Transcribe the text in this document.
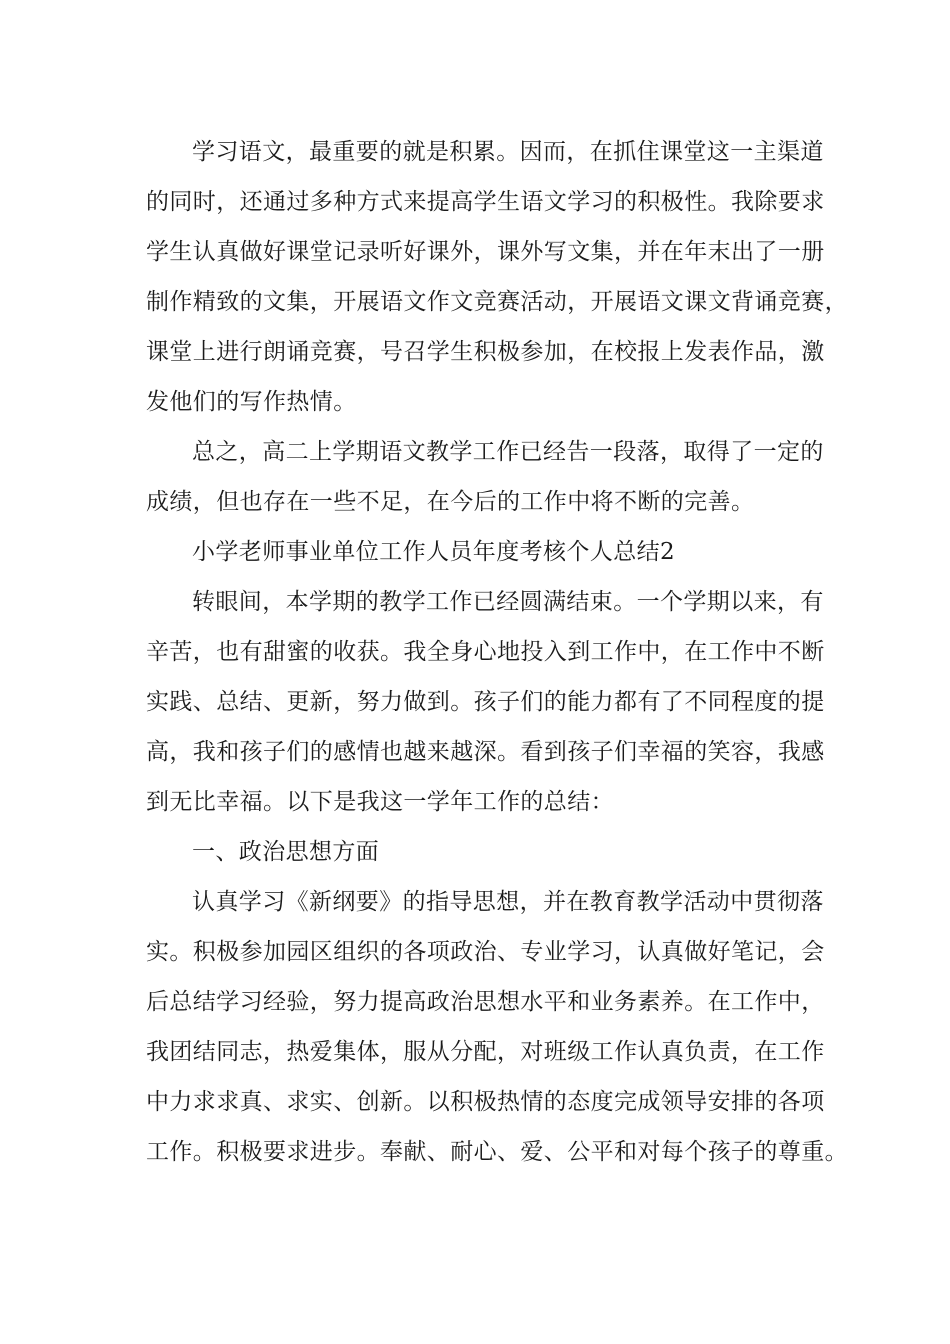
学习语文，最重要的就是积累。因而，在抓住课堂这一主渠道
的同时，还通过多种方式来提高学生语文学习的积极性。我除要求
学生认真做好课堂记录听好课外，课外写文集，并在年末出了一册
制作精致的文集，开展语文作文竞赛活动，开展语文课文背诵竞赛，
课堂上进行朗诵竞赛，号召学生积极参加，在校报上发表作品，激
发他们的写作热情。
总之，高二上学期语文教学工作已经告一段落，取得了一定的
成绩，但也存在一些不足，在今后的工作中将不断的完善。
小学老师事业单位工作人员年度考核个人总结2
转眼间，本学期的教学工作已经圆满结束。一个学期以来，有
辛苦，也有甜蜜的收获。我全身心地投入到工作中，在工作中不断
实践、总结、更新，努力做到。孩子们的能力都有了不同程度的提
高，我和孩子们的感情也越来越深。看到孩子们幸福的笑容，我感
到无比幸福。以下是我这一学年工作的总结：
一、政治思想方面
认真学习《新纲要》的指导思想，并在教育教学活动中贯彻落
实。积极参加园区组织的各项政治、专业学习，认真做好笔记，会
后总结学习经验，努力提高政治思想水平和业务素养。在工作中，
我团结同志，热爱集体，服从分配，对班级工作认真负责，在工作
中力求求真、求实、创新。以积极热情的态度完成领导安排的各项
工作。积极要求进步。奉献、耐心、爱、公平和对每个孩子的尊重。
